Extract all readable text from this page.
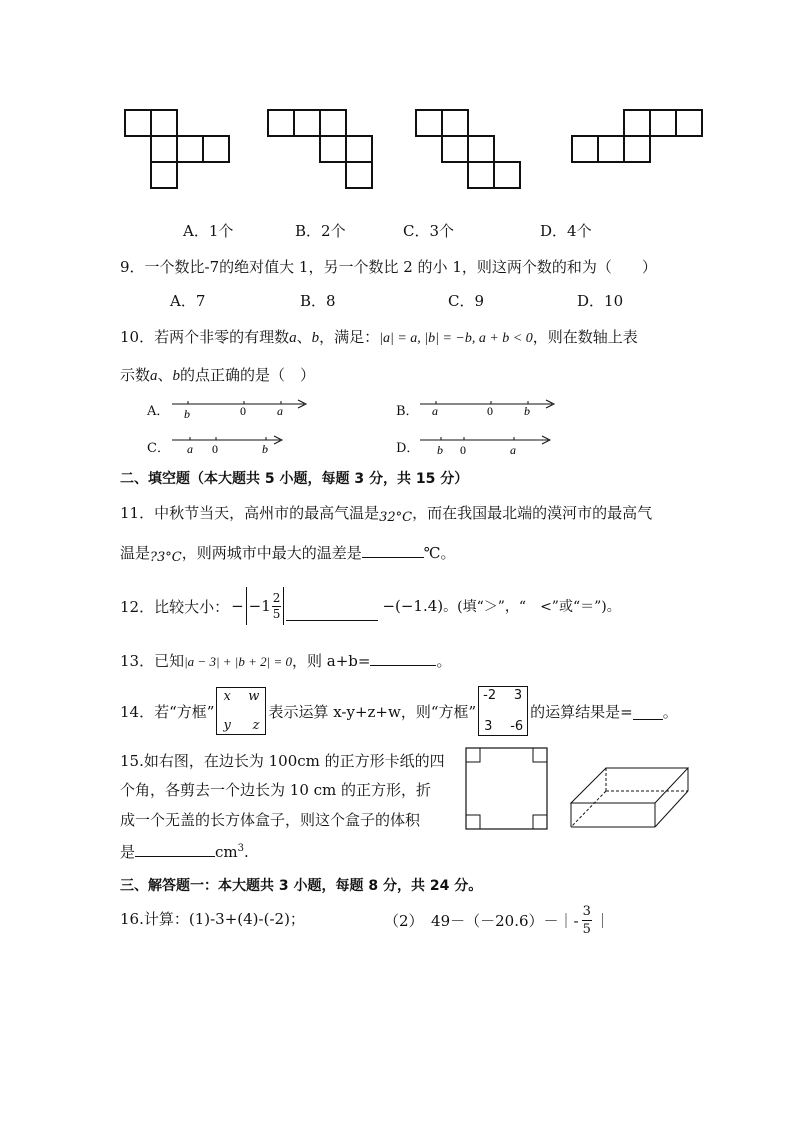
A．1个	B．2个	C．3个	D．4个
9．一个数比-7的绝对值大 1，另一个数比 2 的小 1，则这两个数的和为（　　）
A．7	B．8	C．9	D．10
10．若两个非零的有理数a、b，满足：|a| = a, |b| = −b, a + b < 0，则在数轴上表
示数a、b的点正确的是（　）
A． b	0	a	B． a	0	b
C． a 0	b	D． b 0	a
二、填空题（本大题共 5 小题，每题 3 分，共 15 分）
11．中秋节当天，高州市的最高气温是32°C，而在我国最北端的漠河市的最高气
温是?3°C，则两城市中最大的温差是	℃。
12．比较大小： − −1 2
5	−(−1.4) 。(填“＞”，“　<”或“＝”)。
13．已知|a − 3| + |b + 2| = 0，则 a+b=	。
14．若“方框”
x w
y z
表示运算 x-y+z+w，则“方框”
-2 3
3 -6
的运算结果是= 。
15.如右图，在边长为 100cm 的正方形卡纸的四
个角，各剪去一个边长为 10 cm 的正方形，折
成一个无盖的长方体盒子，则这个盒子的体积
是	$cm^3$.
三、解答题一：本大题共 3 小题，每题 8 分，共 24 分。
16.计算：(1)-3+(4)-(-2)；	（2）　49－（－20.6）－｜-
3
5 ｜
